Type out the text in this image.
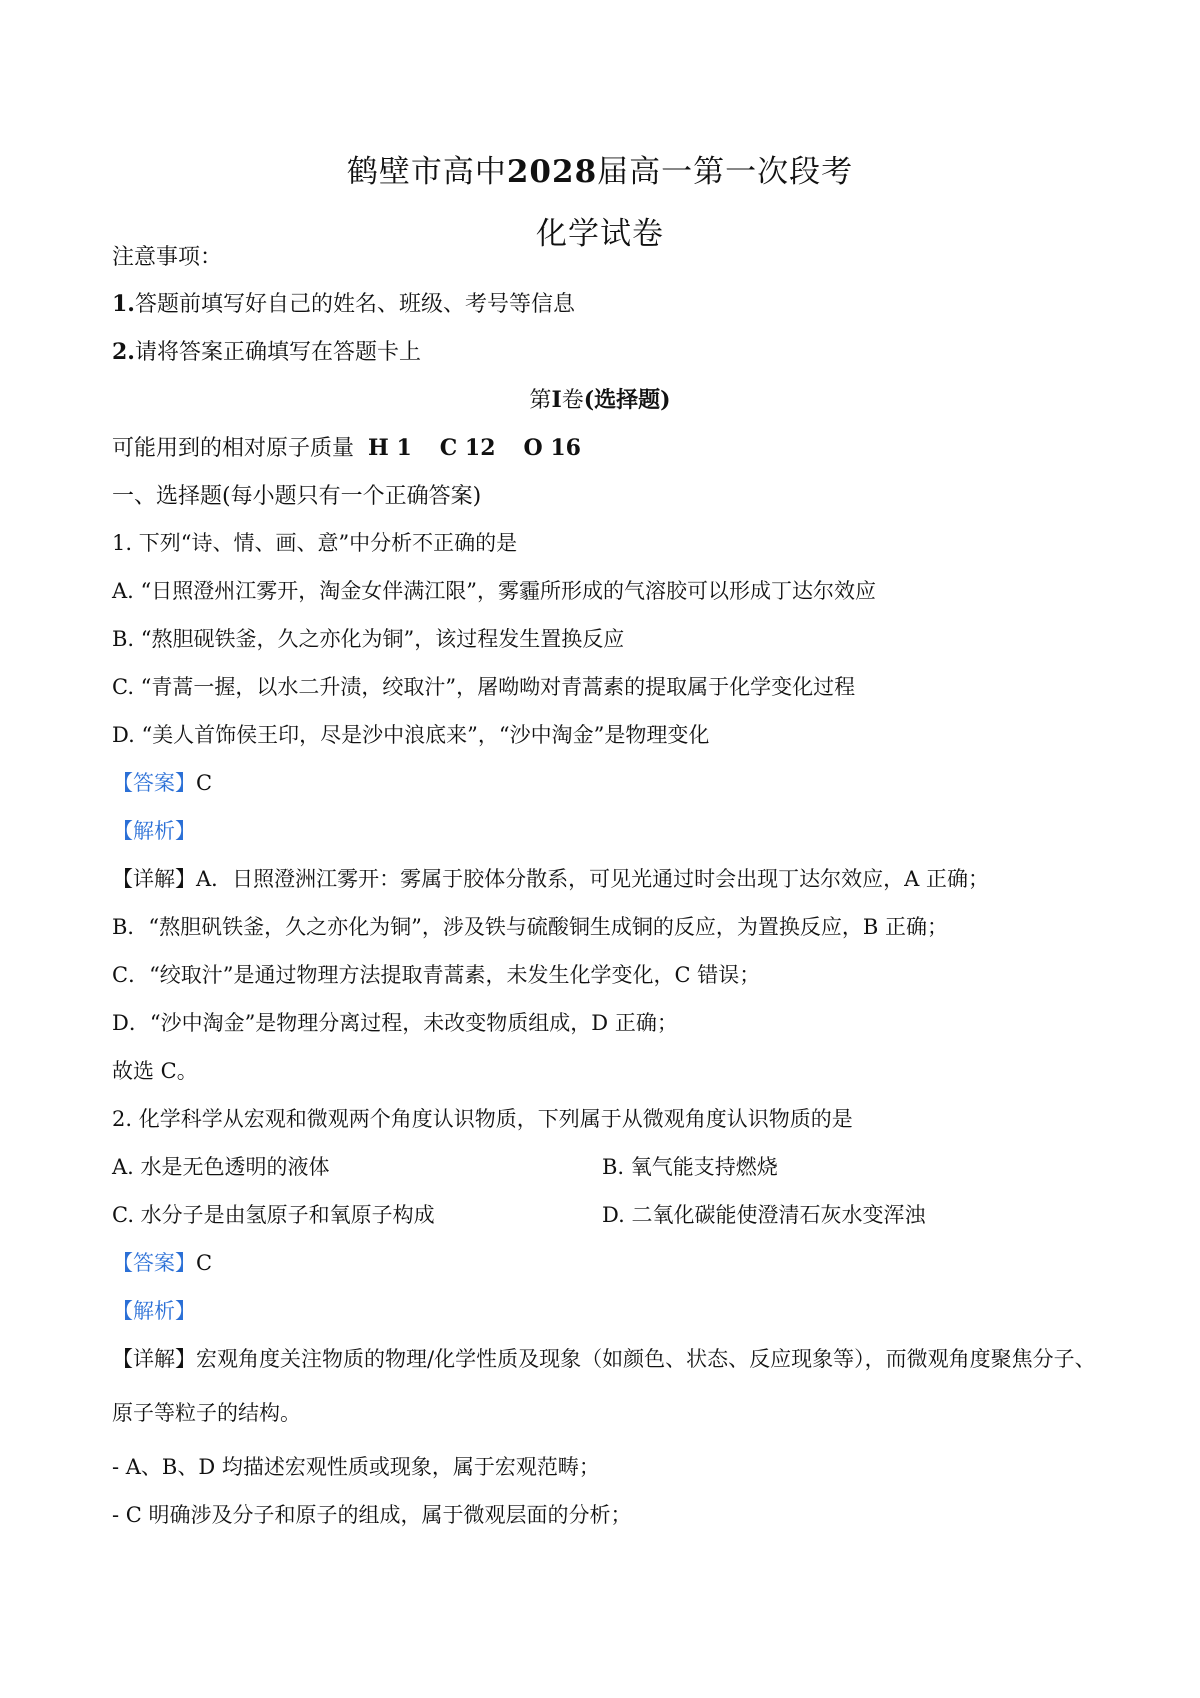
鹤壁市高中2028届高一第一次段考
化学试卷
注意事项：
1.答题前填写好自己的姓名、班级、考号等信息
2.请将答案正确填写在答题卡上
第I卷(选择题)
可能用到的相对原子质量 H 1 C 12 O 16
一、选择题(每小题只有一个正确答案)
1. 下列“诗、情、画、意”中分析不正确的是
A. “日照澄州江雾开，淘金女伴满江限”，雾霾所形成的气溶胶可以形成丁达尔效应
B. “熬胆砚铁釜，久之亦化为铜”，该过程发生置换反应
C. “青蒿一握，以水二升渍，绞取汁”，屠呦呦对青蒿素的提取属于化学变化过程
D. “美人首饰侯王印，尽是沙中浪底来”，“沙中淘金”是物理变化
【答案】C
【解析】
【详解】A．日照澄洲江雾开：雾属于胶体分散系，可见光通过时会出现丁达尔效应，A 正确；
B．“熬胆矾铁釜，久之亦化为铜”，涉及铁与硫酸铜生成铜的反应，为置换反应，B 正确；
C．“绞取汁”是通过物理方法提取青蒿素，未发生化学变化，C 错误；
D．“沙中淘金”是物理分离过程，未改变物质组成，D 正确；
故选 C。
2. 化学科学从宏观和微观两个角度认识物质，下列属于从微观角度认识物质的是
A. 水是无色透明的液体	B. 氧气能支持燃烧
C. 水分子是由氢原子和氧原子构成	D. 二氧化碳能使澄清石灰水变浑浊
【答案】C
【解析】
【详解】宏观角度关注物质的物理/化学性质及现象（如颜色、状态、反应现象等），而微观角度聚焦分子、
原子等粒子的结构。
- A、B、D 均描述宏观性质或现象，属于宏观范畴；
- C 明确涉及分子和原子的组成，属于微观层面的分析；
